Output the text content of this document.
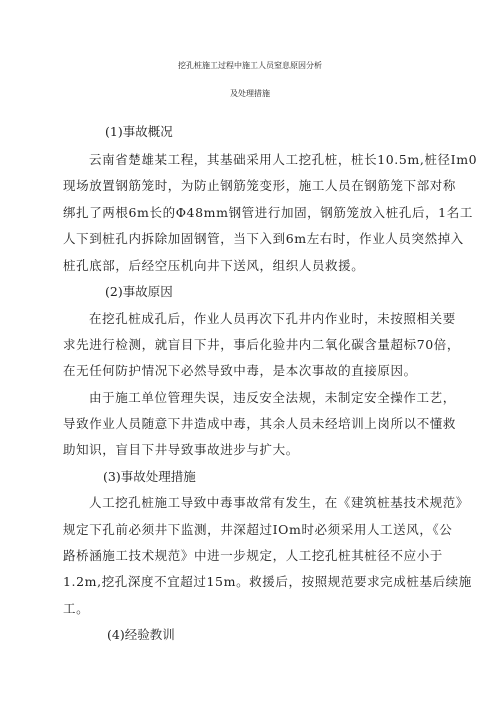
挖孔桩施工过程中施工人员窒息原因分析
及处理措施
(1)事故概况
云南省楚雄某工程，其基础采用人工挖孔桩，桩长10.5m,桩径Im0
现场放置钢筋笼时，为防止钢筋笼变形，施工人员在钢筋笼下部对称
绑扎了两根6m长的Φ48mm钢管进行加固，钢筋笼放入桩孔后，1名工
人下到桩孔内拆除加固钢管，当下入到6m左右时，作业人员突然掉入
桩孔底部，后经空压机向井下送风，组织人员救援。
(2)事故原因
在挖孔桩成孔后，作业人员再次下孔井内作业时，未按照相关要
求先进行检测，就盲目下井，事后化验井内二氧化碳含量超标70倍，
在无任何防护情况下必然导致中毒，是本次事故的直接原因。
由于施工单位管理失误，违反安全法规，未制定安全操作工艺，
导致作业人员随意下井造成中毒，其余人员未经培训上岗所以不懂救
助知识，盲目下井导致事故进步与扩大。
(3)事故处理措施
人工挖孔桩施工导致中毒事故常有发生，在《建筑桩基技术规范》
规定下孔前必须井下监测，井深超过IOm时必须采用人工送风，《公
路桥涵施工技术规范》中进一步规定，人工挖孔桩其桩径不应小于
1.2m,挖孔深度不宜超过15m。救援后，按照规范要求完成桩基后续施
工。
(4)经验教训
